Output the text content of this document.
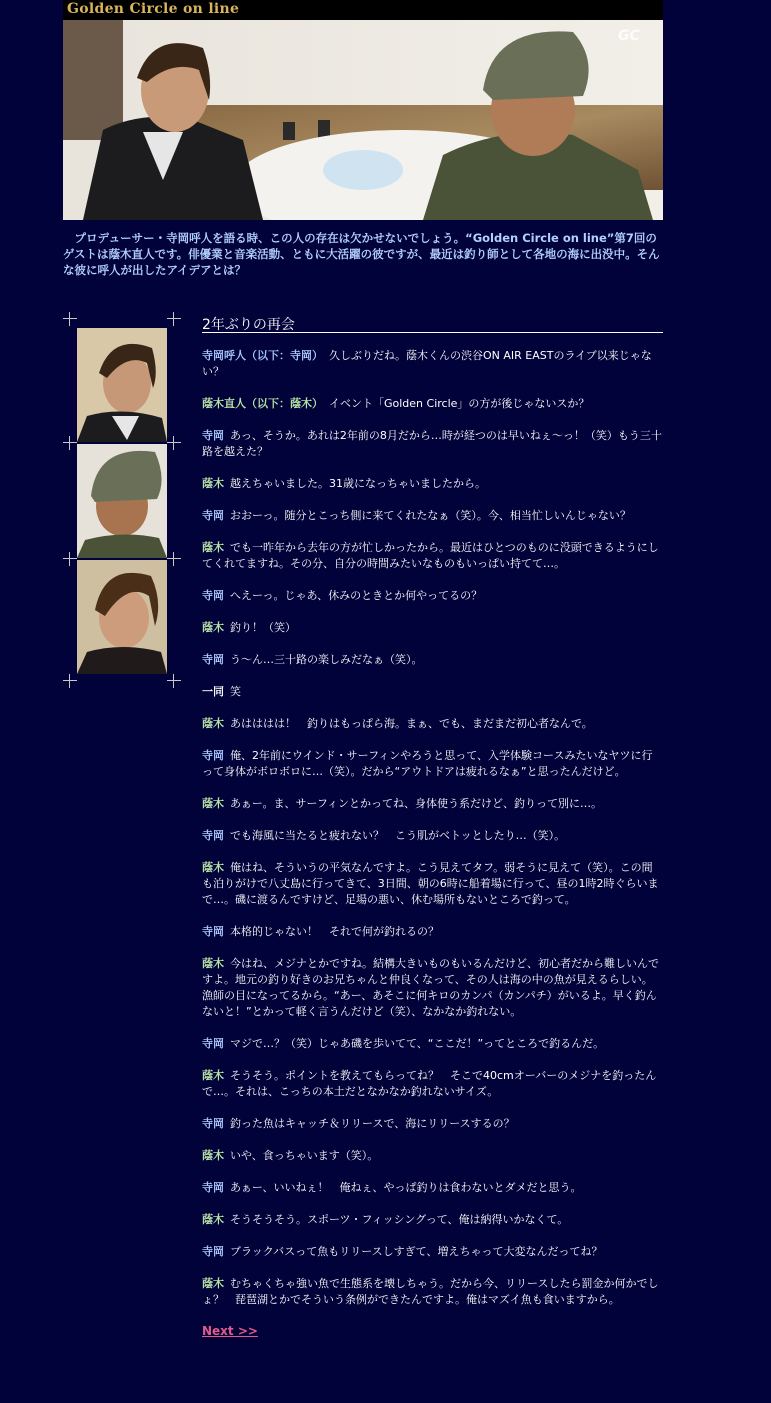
Golden Circle on line
GC
　プロデューサー・寺岡呼人を語る時、この人の存在は欠かせないでしょう。“Golden Circle on line”第7回のゲストは蔭木直人です。俳優業と音楽活動、ともに大活躍の彼ですが、最近は釣り師として各地の海に出没中。そんな彼に呼人が出したアイデアとは？
2年ぶりの再会

寺岡呼人（以下：寺岡） 久しぶりだね。蔭木くんの渋谷ON AIR EASTのライブ以来じゃない？

蔭木直人（以下：蔭木） イベント「Golden Circle」の方が後じゃないスか？

寺岡 あっ、そうか。あれは2年前の8月だから…時が経つのは早いねぇ～っ！（笑）もう三十路を越えた？

蔭木 越えちゃいました。31歳になっちゃいましたから。

寺岡 おおーっ。随分とこっち側に来てくれたなぁ（笑）。今、相当忙しいんじゃない？

蔭木 でも一昨年から去年の方が忙しかったから。最近はひとつのものに没頭できるようにしてくれてますね。その分、自分の時間みたいなものもいっぱい持てて…。

寺岡 へえーっ。じゃあ、休みのときとか何やってるの？

蔭木 釣り！（笑）

寺岡 う～ん…三十路の楽しみだなぁ（笑）。

一同 笑

蔭木 あはははは！　釣りはもっぱら海。まぁ、でも、まだまだ初心者なんで。

寺岡 俺、2年前にウインド・サーフィンやろうと思って、入学体験コースみたいなヤツに行って身体がボロボロに…（笑）。だから“アウトドアは疲れるなぁ”と思ったんだけど。

蔭木 あぁー。ま、サーフィンとかってね、身体使う系だけど、釣りって別に…。

寺岡 でも海風に当たると疲れない？　こう肌がベトッとしたり…（笑）。

蔭木 俺はね、そういうの平気なんですよ。こう見えてタフ。弱そうに見えて（笑）。この間も泊りがけで八丈島に行ってきて、3日間、朝の6時に船着場に行って、昼の1時2時ぐらいまで…。磯に渡るんですけど、足場の悪い、休む場所もないところで釣って。

寺岡 本格的じゃない！　それで何が釣れるの？

蔭木 今はね、メジナとかですね。結構大きいものもいるんだけど、初心者だから難しいんですよ。地元の釣り好きのお兄ちゃんと仲良くなって、その人は海の中の魚が見えるらしい。漁師の目になってるから。“あー、あそこに何キロのカンパ（カンパチ）がいるよ。早く釣んないと！”とかって軽く言うんだけど（笑）、なかなか釣れない。

寺岡 マジで…？（笑）じゃあ磯を歩いてて、“ここだ！”ってところで釣るんだ。

蔭木 そうそう。ポイントを教えてもらってね？　そこで40cmオーバーのメジナを釣ったんで…。それは、こっちの本土だとなかなか釣れないサイズ。

寺岡 釣った魚はキャッチ＆リリースで、海にリリースするの？

蔭木 いや、食っちゃいます（笑）。

寺岡 あぁー、いいねぇ！　俺ねぇ、やっぱ釣りは食わないとダメだと思う。

蔭木 そうそうそう。スポーツ・フィッシングって、俺は納得いかなくて。

寺岡 ブラックバスって魚もリリースしすぎて、増えちゃって大変なんだってね？

蔭木 むちゃくちゃ強い魚で生態系を壊しちゃう。だから今、リリースしたら罰金か何かでしょ？　琵琶湖とかでそういう条例ができたんですよ。俺はマズイ魚も食いますから。

Next >>
